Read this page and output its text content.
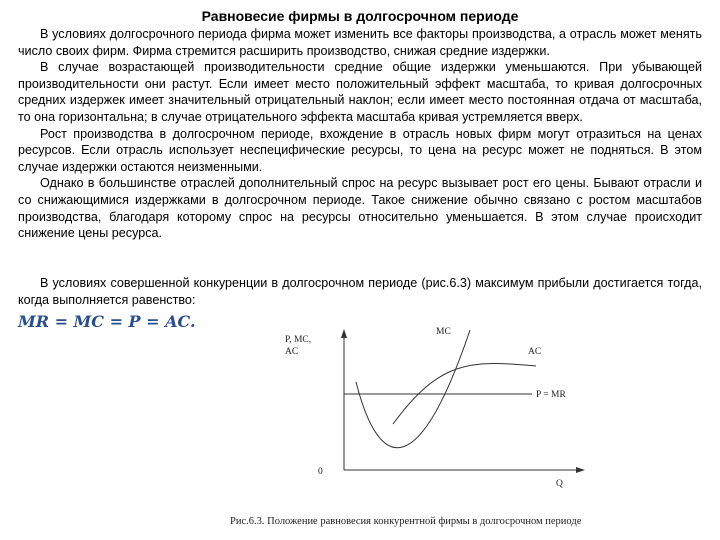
Равновесие фирмы в долгосрочном периоде

В условиях долгосрочного периода фирма может изменить все факторы производства, а отрасль может менять число своих фирм. Фирма стремится расширить производство, снижая средние издержки.

В случае возрастающей производительности средние общие издержки уменьшаются. При убывающей производительности они растут. Если имеет место положительный эффект масштаба, то кривая долгосрочных средних издержек имеет значительный отрицательный наклон; если имеет место постоянная отдача от масштаба, то она горизонтальна; в случае отрицательного эффекта масштаба кривая устремляется вверх.

Рост производства в долгосрочном периоде, вхождение в отрасль новых фирм могут отразиться на ценах ресурсов. Если отрасль использует неспецифические ресурсы, то цена на ресурс может не подняться. В этом случае издержки остаются неизменными.

Однако в большинстве отраслей дополнительный спрос на ресурс вызывает рост его цены. Бывают отрасли и со снижающимися издержками в долгосрочном периоде. Такое снижение обычно связано с ростом масштабов производства, благодаря которому спрос на ресурсы относительно уменьшается. В этом случае происходит снижение цены ресурса.

В условиях совершенной конкуренции в долгосрочном периоде (рис.6.3) максимум прибыли достигается тогда, когда выполняется равенство:

MR = MC = P = AC.
P, MC,
AC
0
Q
MC
AC
P = MR
Рис.6.3. Положение равновесия конкурентной фирмы в долгосрочном периоде
